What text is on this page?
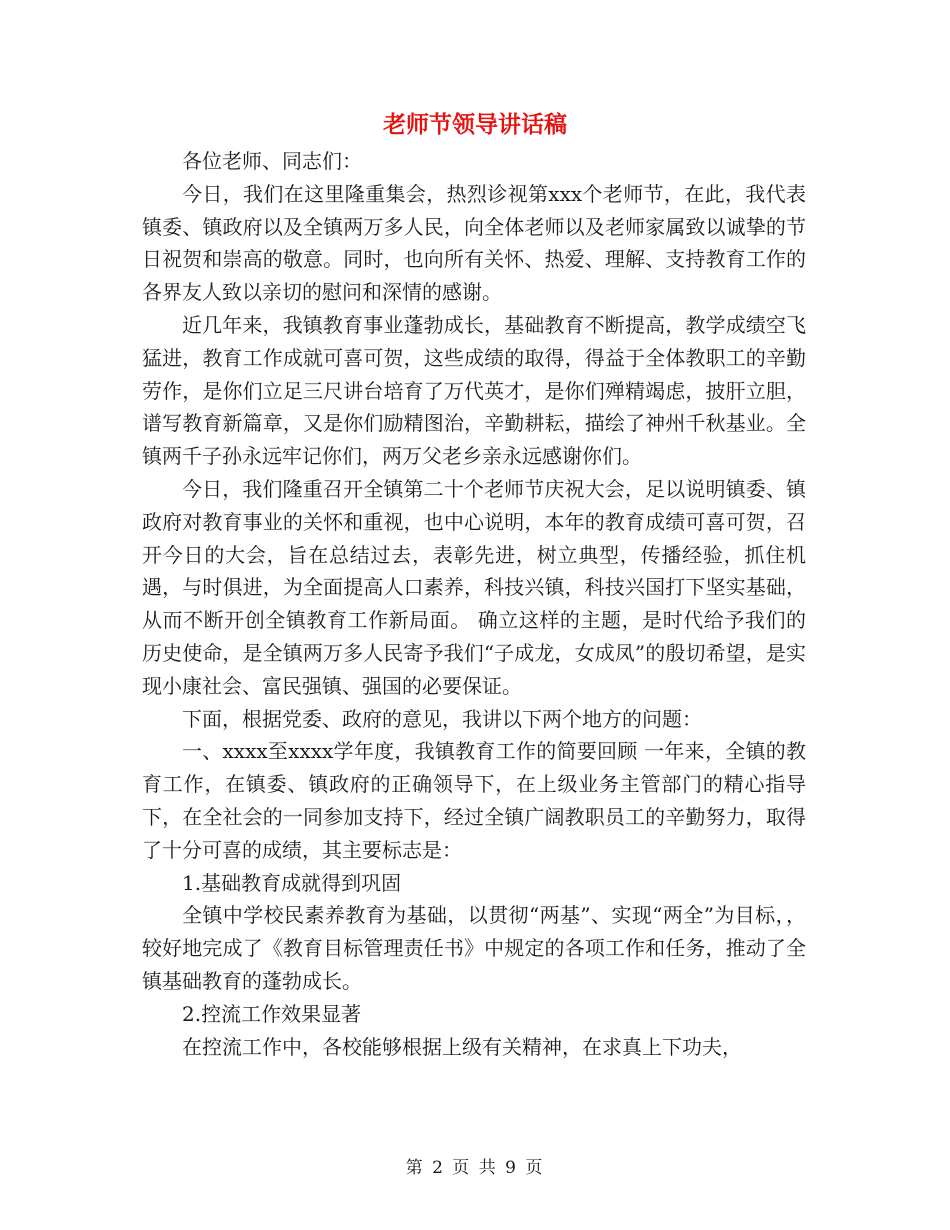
老师节领导讲话稿

各位老师、同志们：

今日，我们在这里隆重集会，热烈诊视第xxx个老师节，在此，我代表镇委、镇政府以及全镇两万多人民，向全体老师以及老师家属致以诚挚的节日祝贺和崇高的敬意。同时，也向所有关怀、热爱、理解、支持教育工作的各界友人致以亲切的慰问和深情的感谢。

近几年来，我镇教育事业蓬勃成长，基础教育不断提高，教学成绩空飞猛进，教育工作成就可喜可贺，这些成绩的取得，得益于全体教职工的辛勤劳作，是你们立足三尺讲台培育了万代英才，是你们殚精竭虑，披肝立胆，谱写教育新篇章，又是你们励精图治，辛勤耕耘，描绘了神州千秋基业。全镇两千子孙永远牢记你们，两万父老乡亲永远感谢你们。

今日，我们隆重召开全镇第二十个老师节庆祝大会，足以说明镇委、镇政府对教育事业的关怀和重视，也中心说明，本年的教育成绩可喜可贺，召开今日的大会，旨在总结过去，表彰先进，树立典型，传播经验，抓住机遇，与时俱进，为全面提高人口素养，科技兴镇，科技兴国打下坚实基础，从而不断开创全镇教育工作新局面。 确立这样的主题，是时代给予我们的历史使命，是全镇两万多人民寄予我们“子成龙，女成凤”的殷切希望，是实现小康社会、富民强镇、强国的必要保证。

下面，根据党委、政府的意见，我讲以下两个地方的问题：

一、xxxx至xxxx学年度，我镇教育工作的简要回顾 一年来，全镇的教育工作，在镇委、镇政府的正确领导下，在上级业务主管部门的精心指导下，在全社会的一同参加支持下，经过全镇广阔教职员工的辛勤努力，取得了十分可喜的成绩，其主要标志是：

1.基础教育成就得到巩固

全镇中学校民素养教育为基础，以贯彻“两基”、实现“两全”为目标，，较好地完成了《教育目标管理责任书》中规定的各项工作和任务，推动了全镇基础教育的蓬勃成长。

2.控流工作效果显著

在控流工作中，各校能够根据上级有关精神，在求真上下功夫，

第 2 页 共 9 页
